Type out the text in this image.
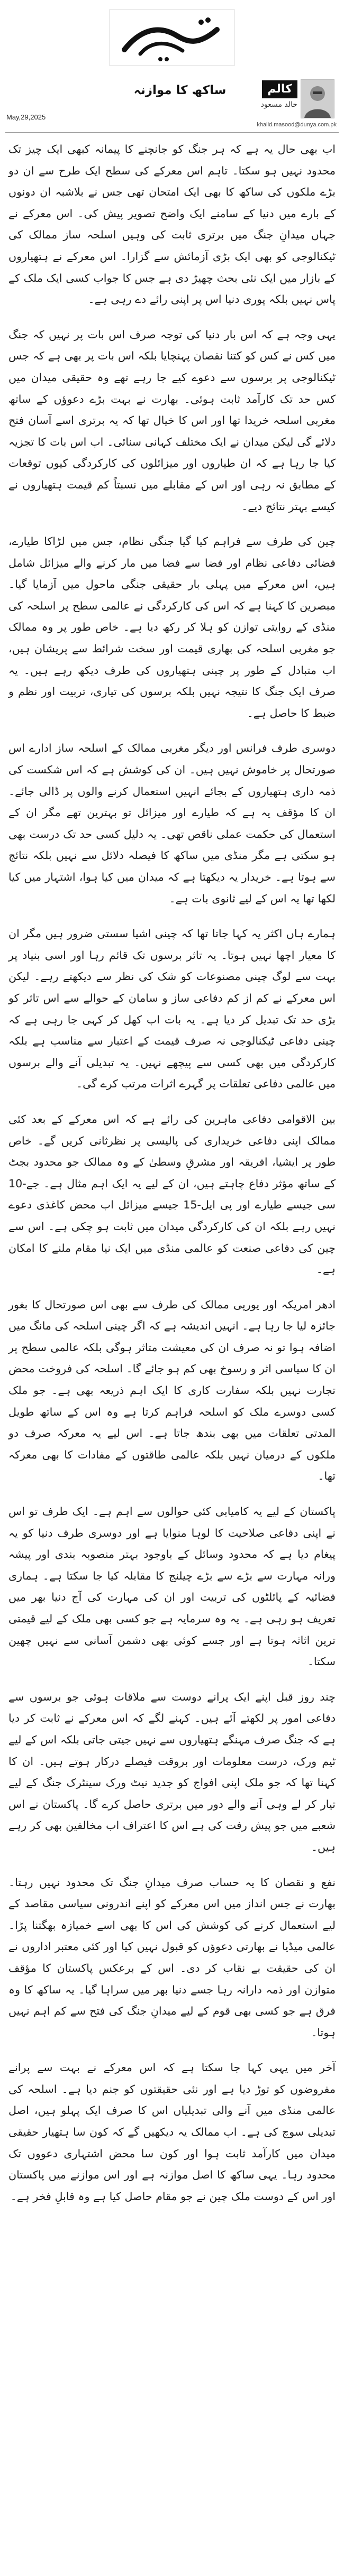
کالم
خالد مسعود
ساکھ کا موازنہ
May,29,2025
khalid.masood@dunya.com.pk

اب بھی حال یہ ہے کہ ہر جنگ کو جانچنے کا پیمانہ کبھی ایک چیز تک محدود نہیں ہو سکتا۔ تاہم اس معرکے کی سطح ایک طرح سے ان دو بڑے ملکوں کی ساکھ کا بھی ایک امتحان تھی جس نے بلاشبہ ان دونوں کے بارے میں دنیا کے سامنے ایک واضح تصویر پیش کی۔ اس معرکے نے جہاں میدانِ جنگ میں برتری ثابت کی وہیں اسلحہ ساز ممالک کی ٹیکنالوجی کو بھی ایک بڑی آزمائش سے گزارا۔ اس معرکے نے ہتھیاروں کے بازار میں ایک نئی بحث چھیڑ دی ہے جس کا جواب کسی ایک ملک کے پاس نہیں بلکہ پوری دنیا اس پر اپنی رائے دے رہی ہے۔

یہی وجہ ہے کہ اس بار دنیا کی توجہ صرف اس بات پر نہیں کہ جنگ میں کس نے کس کو کتنا نقصان پہنچایا بلکہ اس بات پر بھی ہے کہ جس ٹیکنالوجی پر برسوں سے دعوے کیے جا رہے تھے وہ حقیقی میدان میں کس حد تک کارآمد ثابت ہوئی۔ بھارت نے بہت بڑے دعوؤں کے ساتھ مغربی اسلحہ خریدا تھا اور اس کا خیال تھا کہ یہ برتری اسے آسان فتح دلائے گی لیکن میدان نے ایک مختلف کہانی سنائی۔ اب اس بات کا تجزیہ کیا جا رہا ہے کہ ان طیاروں اور میزائلوں کی کارکردگی کیوں توقعات کے مطابق نہ رہی اور اس کے مقابلے میں نسبتاً کم قیمت ہتھیاروں نے کیسے بہتر نتائج دیے۔

چین کی طرف سے فراہم کیا گیا جنگی نظام، جس میں لڑاکا طیارے، فضائی دفاعی نظام اور فضا سے فضا میں مار کرنے والے میزائل شامل ہیں، اس معرکے میں پہلی بار حقیقی جنگی ماحول میں آزمایا گیا۔ مبصرین کا کہنا ہے کہ اس کی کارکردگی نے عالمی سطح پر اسلحہ کی منڈی کے روایتی توازن کو ہلا کر رکھ دیا ہے۔ خاص طور پر وہ ممالک جو مغربی اسلحہ کی بھاری قیمت اور سخت شرائط سے پریشان ہیں، اب متبادل کے طور پر چینی ہتھیاروں کی طرف دیکھ رہے ہیں۔ یہ صرف ایک جنگ کا نتیجہ نہیں بلکہ برسوں کی تیاری، تربیت اور نظم و ضبط کا حاصل ہے۔

دوسری طرف فرانس اور دیگر مغربی ممالک کے اسلحہ ساز ادارے اس صورتحال پر خاموش نہیں ہیں۔ ان کی کوشش ہے کہ اس شکست کی ذمہ داری ہتھیاروں کے بجائے انہیں استعمال کرنے والوں پر ڈالی جائے۔ ان کا مؤقف یہ ہے کہ طیارے اور میزائل تو بہترین تھے مگر ان کے استعمال کی حکمت عملی ناقص تھی۔ یہ دلیل کسی حد تک درست بھی ہو سکتی ہے مگر منڈی میں ساکھ کا فیصلہ دلائل سے نہیں بلکہ نتائج سے ہوتا ہے۔ خریدار یہ دیکھتا ہے کہ میدان میں کیا ہوا، اشتہار میں کیا لکھا تھا یہ اس کے لیے ثانوی بات ہے۔

ہمارے ہاں اکثر یہ کہا جاتا تھا کہ چینی اشیا سستی ضرور ہیں مگر ان کا معیار اچھا نہیں ہوتا۔ یہ تاثر برسوں تک قائم رہا اور اسی بنیاد پر بہت سے لوگ چینی مصنوعات کو شک کی نظر سے دیکھتے رہے۔ لیکن اس معرکے نے کم از کم دفاعی ساز و سامان کے حوالے سے اس تاثر کو بڑی حد تک تبدیل کر دیا ہے۔ یہ بات اب کھل کر کہی جا رہی ہے کہ چینی دفاعی ٹیکنالوجی نہ صرف قیمت کے اعتبار سے مناسب ہے بلکہ کارکردگی میں بھی کسی سے پیچھے نہیں۔ یہ تبدیلی آنے والے برسوں میں عالمی دفاعی تعلقات پر گہرے اثرات مرتب کرے گی۔

بین الاقوامی دفاعی ماہرین کی رائے ہے کہ اس معرکے کے بعد کئی ممالک اپنی دفاعی خریداری کی پالیسی پر نظرثانی کریں گے۔ خاص طور پر ایشیا، افریقہ اور مشرقِ وسطیٰ کے وہ ممالک جو محدود بجٹ کے ساتھ مؤثر دفاع چاہتے ہیں، ان کے لیے یہ ایک اہم مثال ہے۔ جے-10 سی جیسے طیارے اور پی ایل-15 جیسے میزائل اب محض کاغذی دعوے نہیں رہے بلکہ ان کی کارکردگی میدان میں ثابت ہو چکی ہے۔ اس سے چین کی دفاعی صنعت کو عالمی منڈی میں ایک نیا مقام ملنے کا امکان ہے۔

ادھر امریکہ اور یورپی ممالک کی طرف سے بھی اس صورتحال کا بغور جائزہ لیا جا رہا ہے۔ انہیں اندیشہ ہے کہ اگر چینی اسلحہ کی مانگ میں اضافہ ہوا تو نہ صرف ان کی معیشت متاثر ہوگی بلکہ عالمی سطح پر ان کا سیاسی اثر و رسوخ بھی کم ہو جائے گا۔ اسلحہ کی فروخت محض تجارت نہیں بلکہ سفارت کاری کا ایک اہم ذریعہ بھی ہے۔ جو ملک کسی دوسرے ملک کو اسلحہ فراہم کرتا ہے وہ اس کے ساتھ طویل المدتی تعلقات میں بھی بندھ جاتا ہے۔ اس لیے یہ معرکہ صرف دو ملکوں کے درمیان نہیں بلکہ عالمی طاقتوں کے مفادات کا بھی معرکہ تھا۔

پاکستان کے لیے یہ کامیابی کئی حوالوں سے اہم ہے۔ ایک طرف تو اس نے اپنی دفاعی صلاحیت کا لوہا منوایا ہے اور دوسری طرف دنیا کو یہ پیغام دیا ہے کہ محدود وسائل کے باوجود بہتر منصوبہ بندی اور پیشہ ورانہ مہارت سے بڑے سے بڑے چیلنج کا مقابلہ کیا جا سکتا ہے۔ ہماری فضائیہ کے پائلٹوں کی تربیت اور ان کی مہارت کی آج دنیا بھر میں تعریف ہو رہی ہے۔ یہ وہ سرمایہ ہے جو کسی بھی ملک کے لیے قیمتی ترین اثاثہ ہوتا ہے اور جسے کوئی بھی دشمن آسانی سے نہیں چھین سکتا۔

چند روز قبل اپنے ایک پرانے دوست سے ملاقات ہوئی جو برسوں سے دفاعی امور پر لکھتے آئے ہیں۔ کہنے لگے کہ اس معرکے نے ثابت کر دیا ہے کہ جنگ صرف مہنگے ہتھیاروں سے نہیں جیتی جاتی بلکہ اس کے لیے ٹیم ورک، درست معلومات اور بروقت فیصلے درکار ہوتے ہیں۔ ان کا کہنا تھا کہ جو ملک اپنی افواج کو جدید نیٹ ورک سینٹرک جنگ کے لیے تیار کر لے وہی آنے والے دور میں برتری حاصل کرے گا۔ پاکستان نے اس شعبے میں جو پیش رفت کی ہے اس کا اعتراف اب مخالفین بھی کر رہے ہیں۔

نفع و نقصان کا یہ حساب صرف میدانِ جنگ تک محدود نہیں رہتا۔ بھارت نے جس انداز میں اس معرکے کو اپنے اندرونی سیاسی مقاصد کے لیے استعمال کرنے کی کوشش کی اس کا بھی اسے خمیازہ بھگتنا پڑا۔ عالمی میڈیا نے بھارتی دعوؤں کو قبول نہیں کیا اور کئی معتبر اداروں نے ان کی حقیقت بے نقاب کر دی۔ اس کے برعکس پاکستان کا مؤقف متوازن اور ذمہ دارانہ رہا جسے دنیا بھر میں سراہا گیا۔ یہ ساکھ کا وہ فرق ہے جو کسی بھی قوم کے لیے میدانِ جنگ کی فتح سے کم اہم نہیں ہوتا۔

آخر میں یہی کہا جا سکتا ہے کہ اس معرکے نے بہت سے پرانے مفروضوں کو توڑ دیا ہے اور نئی حقیقتوں کو جنم دیا ہے۔ اسلحہ کی عالمی منڈی میں آنے والی تبدیلیاں اس کا صرف ایک پہلو ہیں، اصل تبدیلی سوچ کی ہے۔ اب ممالک یہ دیکھیں گے کہ کون سا ہتھیار حقیقی میدان میں کارآمد ثابت ہوا اور کون سا محض اشتہاری دعووں تک محدود رہا۔ یہی ساکھ کا اصل موازنہ ہے اور اس موازنے میں پاکستان اور اس کے دوست ملک چین نے جو مقام حاصل کیا ہے وہ قابلِ فخر ہے۔
